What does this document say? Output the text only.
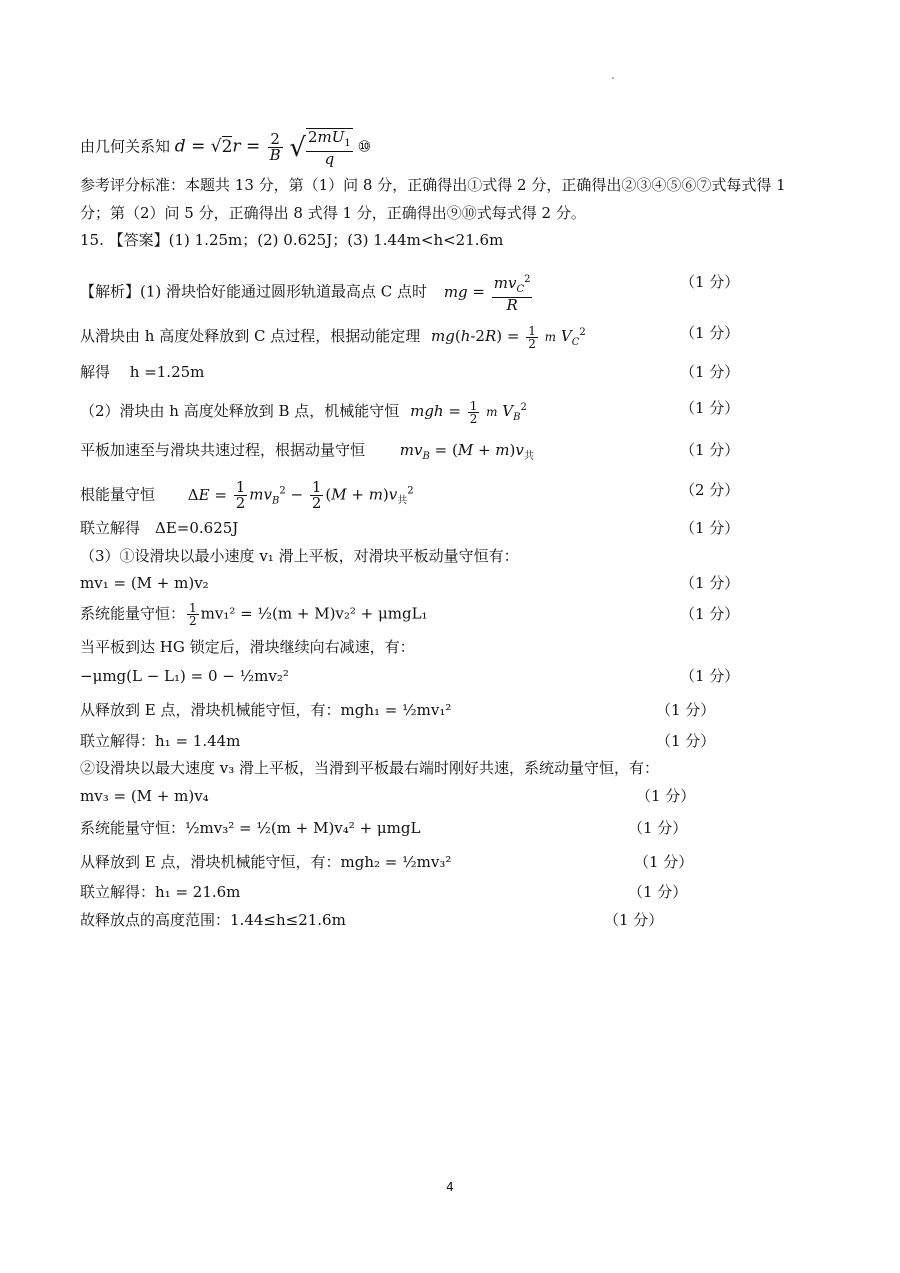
由几何关系知 $d = √2r = \frac{2}{B}$ √ $\frac{2mU_1}{q}$ ⑩
参考评分标准：本题共 13 分，第（1）问 8 分，正确得出①式得 2 分，正确得出②③④⑤⑥⑦式每式得 1
分；第（2）问 5 分，正确得出 8 式得 1 分，正确得出⑨⑩式每式得 2 分。
15. 【答案】(1) 1.25m；(2) 0.625J；(3) 1.44m<h<21.6m
【解析】(1) 滑块恰好能通过圆形轨道最高点 C 点时 mg = $\frac{mv_C^2}{R}$	（1 分）
从滑块由 h 高度处释放到 C 点过程，根据动能定理 $mg(h-2R) = \frac{1}{2}$ m $V_C^2$	（1 分）
解得　 h =1.25m	（1 分）
（2）滑块由 h 高度处释放到 B 点，机械能守恒 mgh = $\frac{1}{2}$ m $V_B^2$	（1 分）
平板加速至与滑块共速过程，根据动量守恒 $mv_B = (M + m)v_共$	（1 分）
根能量守恒 $\Delta E = \frac{1}{2} mv_B^2 - \frac{1}{2} (M + m)v_共^2$	（2 分）
联立解得　ΔE=0.625J	（1 分）
（3）①设滑块以最小速度 v₁ 滑上平板，对滑块平板动量守恒有：
mv₁ = (M + m)v₂	（1 分）
系统能量守恒： $\frac{1}{2} mv_1^2$ = ½(m + M)v₂² + μmgL₁	（1 分）
当平板到达 HG 锁定后，滑块继续向右减速，有：
−μmg(L − L₁) = 0 − ½mv₂²	（1 分）
从释放到 E 点，滑块机械能守恒，有：mgh₁ = ½mv₁²	（1 分）
联立解得：h₁ = 1.44m	（1 分）
②设滑块以最大速度 v₃ 滑上平板，当滑到平板最右端时刚好共速，系统动量守恒，有：
mv₃ = (M + m)v₄	（1 分）
系统能量守恒：½mv₃² = ½(m + M)v₄² + μmgL	（1 分）
从释放到 E 点，滑块机械能守恒，有：mgh₂ = ½mv₃²	（1 分）
联立解得：h₁ = 21.6m	（1 分）
故释放点的高度范围：1.44≤h≤21.6m	（1 分）
4
